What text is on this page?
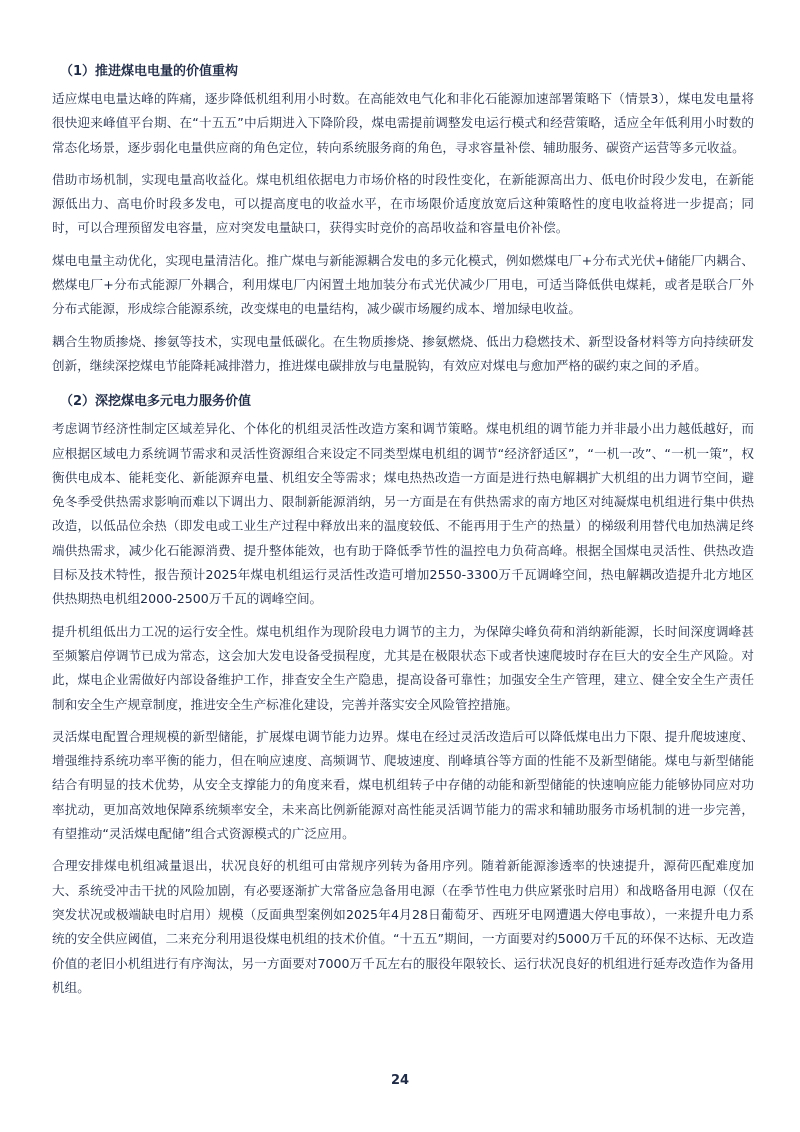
（1）推进煤电电量的价值重构

适应煤电电量达峰的阵痛，逐步降低机组利用小时数。在高能效电气化和非化石能源加速部署策略下（情景3），煤电发电量将很快迎来峰值平台期、在“十五五”中后期进入下降阶段，煤电需提前调整发电运行模式和经营策略，适应全年低利用小时数的常态化场景，逐步弱化电量供应商的角色定位，转向系统服务商的角色，寻求容量补偿、辅助服务、碳资产运营等多元收益。

借助市场机制，实现电量高收益化。煤电机组依据电力市场价格的时段性变化，在新能源高出力、低电价时段少发电，在新能源低出力、高电价时段多发电，可以提高度电的收益水平，在市场限价适度放宽后这种策略性的度电收益将进一步提高；同时，可以合理预留发电容量，应对突发电量缺口，获得实时竞价的高昂收益和容量电价补偿。

煤电电量主动优化，实现电量清洁化。推广煤电与新能源耦合发电的多元化模式，例如燃煤电厂+分布式光伏+储能厂内耦合、燃煤电厂+分布式能源厂外耦合，利用煤电厂内闲置土地加装分布式光伏减少厂用电，可适当降低供电煤耗，或者是联合厂外分布式能源，形成综合能源系统，改变煤电的电量结构，减少碳市场履约成本、增加绿电收益。

耦合生物质掺烧、掺氨等技术，实现电量低碳化。在生物质掺烧、掺氨燃烧、低出力稳燃技术、新型设备材料等方向持续研发创新，继续深挖煤电节能降耗减排潜力，推进煤电碳排放与电量脱钩，有效应对煤电与愈加严格的碳约束之间的矛盾。

（2）深挖煤电多元电力服务价值

考虑调节经济性制定区域差异化、个体化的机组灵活性改造方案和调节策略。煤电机组的调节能力并非最小出力越低越好，而应根据区域电力系统调节需求和灵活性资源组合来设定不同类型煤电机组的调节“经济舒适区”，“一机一改”、“一机一策”，权衡供电成本、能耗变化、新能源弃电量、机组安全等需求；煤电热热改造一方面是进行热电解耦扩大机组的出力调节空间，避免冬季受供热需求影响而难以下调出力、限制新能源消纳，另一方面是在有供热需求的南方地区对纯凝煤电机组进行集中供热改造，以低品位余热（即发电或工业生产过程中释放出来的温度较低、不能再用于生产的热量）的梯级利用替代电加热满足终端供热需求，减少化石能源消费、提升整体能效，也有助于降低季节性的温控电力负荷高峰。根据全国煤电灵活性、供热改造目标及技术特性，报告预计2025年煤电机组运行灵活性改造可增加2550-3300万千瓦调峰空间，热电解耦改造提升北方地区供热期热电机组2000-2500万千瓦的调峰空间。

提升机组低出力工况的运行安全性。煤电机组作为现阶段电力调节的主力，为保障尖峰负荷和消纳新能源，长时间深度调峰甚至频繁启停调节已成为常态，这会加大发电设备受损程度，尤其是在极限状态下或者快速爬坡时存在巨大的安全生产风险。对此，煤电企业需做好内部设备维护工作，排查安全生产隐患，提高设备可靠性；加强安全生产管理，建立、健全安全生产责任制和安全生产规章制度，推进安全生产标准化建设，完善并落实安全风险管控措施。

灵活煤电配置合理规模的新型储能，扩展煤电调节能力边界。煤电在经过灵活改造后可以降低煤电出力下限、提升爬坡速度、增强维持系统功率平衡的能力，但在响应速度、高频调节、爬坡速度、削峰填谷等方面的性能不及新型储能。煤电与新型储能结合有明显的技术优势，从安全支撑能力的角度来看，煤电机组转子中存储的动能和新型储能的快速响应能力能够协同应对功率扰动，更加高效地保障系统频率安全，未来高比例新能源对高性能灵活调节能力的需求和辅助服务市场机制的进一步完善，有望推动“灵活煤电配储”组合式资源模式的广泛应用。

合理安排煤电机组减量退出，状况良好的机组可由常规序列转为备用序列。随着新能源渗透率的快速提升，源荷匹配难度加大、系统受冲击干扰的风险加剧，有必要逐渐扩大常备应急备用电源（在季节性电力供应紧张时启用）和战略备用电源（仅在突发状况或极端缺电时启用）规模（反面典型案例如2025年4月28日葡萄牙、西班牙电网遭遇大停电事故），一来提升电力系统的安全供应阈值，二来充分利用退役煤电机组的技术价值。“十五五”期间，一方面要对约5000万千瓦的环保不达标、无改造价值的老旧小机组进行有序淘汰，另一方面要对7000万千瓦左右的服役年限较长、运行状况良好的机组进行延寿改造作为备用机组。

24
